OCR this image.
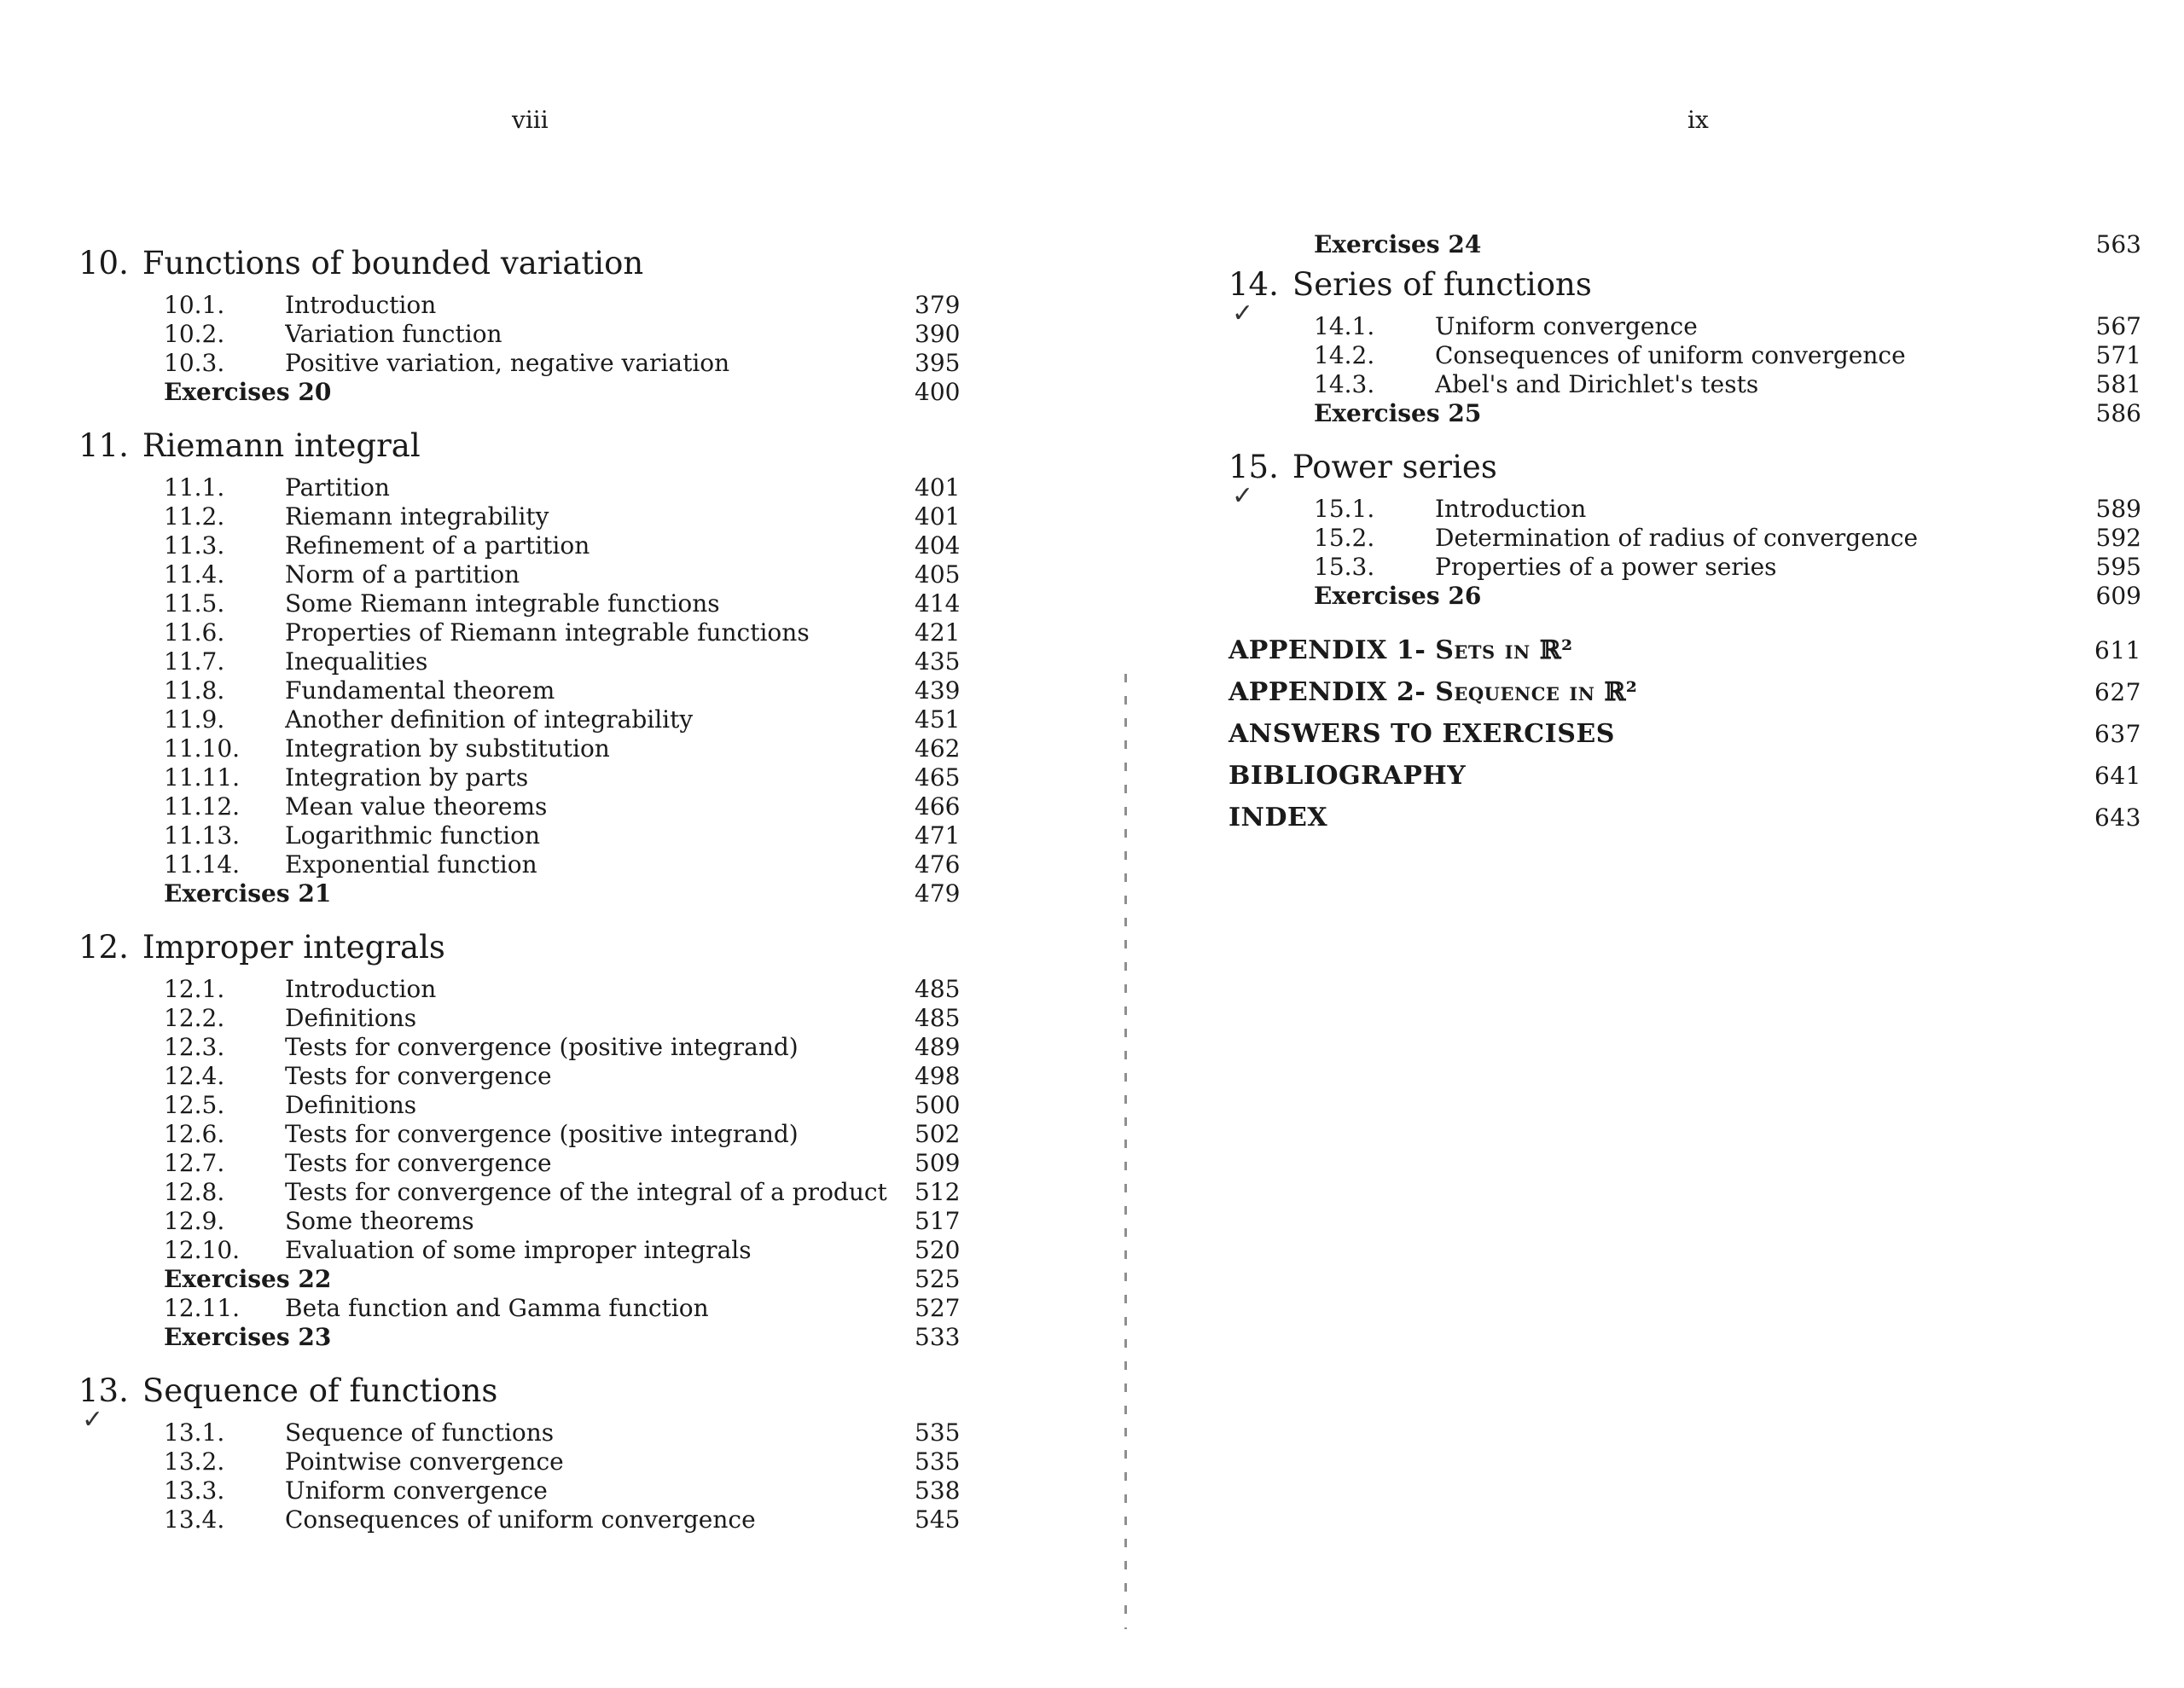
viii	ix
10. Functions of bounded variation
10.1.	Introduction	379
10.2.	Variation function	390
10.3.	Positive variation, negative variation	395
Exercises 20	400
11. Riemann integral
11.1.	Partition	401
11.2.	Riemann integrability	401
11.3.	Refinement of a partition	404
11.4.	Norm of a partition	405
11.5.	Some Riemann integrable functions	414
11.6.	Properties of Riemann integrable functions	421
11.7.	Inequalities	435
11.8.	Fundamental theorem	439
11.9.	Another definition of integrability	451
11.10.	Integration by substitution	462
11.11.	Integration by parts	465
11.12.	Mean value theorems	466
11.13.	Logarithmic function	471
11.14.	Exponential function	476
Exercises 21	479
12. Improper integrals
12.1.	Introduction	485
12.2.	Definitions	485
12.3.	Tests for convergence (positive integrand)	489
12.4.	Tests for convergence	498
12.5.	Definitions	500
12.6.	Tests for convergence (positive integrand)	502
12.7.	Tests for convergence	509
12.8.	Tests for convergence of the integral of a product	512
12.9.	Some theorems	517
12.10.	Evaluation of some improper integrals	520
Exercises 22	525
12.11.	Beta function and Gamma function	527
Exercises 23	533
13. Sequence of functions
✓	13.1.	Sequence of functions	535
13.2.	Pointwise convergence	535
13.3.	Uniform convergence	538
13.4.	Consequences of uniform convergence	545
Exercises 24	563
14. Series of functions
✓	14.1.	Uniform convergence	567
14.2.	Consequences of uniform convergence	571
14.3.	Abel's and Dirichlet's tests	581
Exercises 25	586
15. Power series
✓	15.1.	Introduction	589
15.2.	Determination of radius of convergence	592
15.3.	Properties of a power series	595
Exercises 26	609
APPENDIX 1- Sets in ℝ²	611
APPENDIX 2- Sequence in ℝ²	627
ANSWERS TO EXERCISES	637
BIBLIOGRAPHY	641
INDEX	643
